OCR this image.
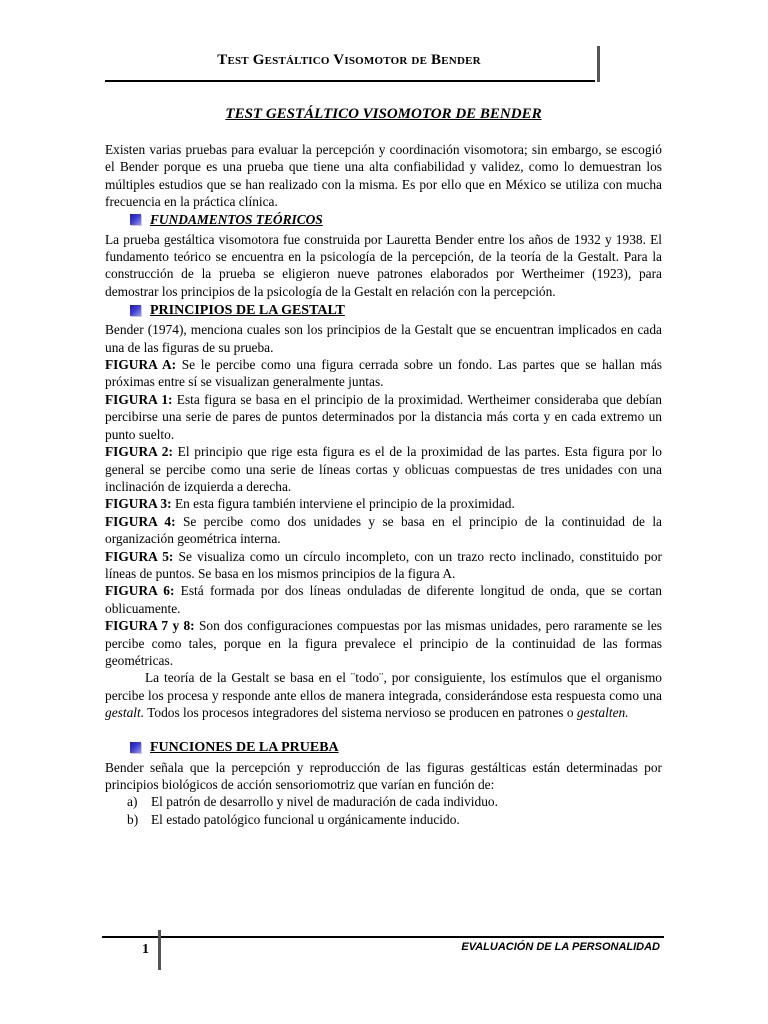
Test Gestáltico Visomotor de Bender
TEST GESTÁLTICO VISOMOTOR DE BENDER

Existen varias pruebas para evaluar la percepción y coordinación visomotora; sin embargo, se escogió el Bender porque es una prueba que tiene una alta confiabilidad y validez, como lo demuestran los múltiples estudios que se han realizado con la misma. Es por ello que en México se utiliza con mucha frecuencia en la práctica clínica.

FUNDAMENTOS TEÓRICOS

La prueba gestáltica visomotora fue construida por Lauretta Bender entre los años de 1932 y 1938. El fundamento teórico se encuentra en la psicología de la percepción, de la teoría de la Gestalt. Para la construcción de la prueba se eligieron nueve patrones elaborados por Wertheimer (1923), para demostrar los principios de la psicología de la Gestalt en relación con la percepción.

PRINCIPIOS DE LA GESTALT

Bender (1974), menciona cuales son los principios de la Gestalt que se encuentran implicados en cada una de las figuras de su prueba.

FIGURA A: Se le percibe como una figura cerrada sobre un fondo. Las partes que se hallan más próximas entre sí se visualizan generalmente juntas.

FIGURA 1: Esta figura se basa en el principio de la proximidad. Wertheimer consideraba que debían percibirse una serie de pares de puntos determinados por la distancia más corta y en cada extremo un punto suelto.

FIGURA 2: El principio que rige esta figura es el de la proximidad de las partes. Esta figura por lo general se percibe como una serie de líneas cortas y oblicuas compuestas de tres unidades con una inclinación de izquierda a derecha.

FIGURA 3: En esta figura también interviene el principio de la proximidad.

FIGURA 4: Se percibe como dos unidades y se basa en el principio de la continuidad de la organización geométrica interna.

FIGURA 5: Se visualiza como un círculo incompleto, con un trazo recto inclinado, constituido por líneas de puntos. Se basa en los mismos principios de la figura A.

FIGURA 6: Está formada por dos líneas onduladas de diferente longitud de onda, que se cortan oblicuamente.

FIGURA 7 y 8: Son dos configuraciones compuestas por las mismas unidades, pero raramente se les percibe como tales, porque en la figura prevalece el principio de la continuidad de las formas geométricas.

La teoría de la Gestalt se basa en el ¨todo¨, por consiguiente, los estímulos que el organismo percibe los procesa y responde ante ellos de manera integrada, considerándose esta respuesta como una gestalt. Todos los procesos integradores del sistema nervioso se producen en patrones o gestalten.

FUNCIONES DE LA PRUEBA

Bender señala que la percepción y reproducción de las figuras gestálticas están determinadas por principios biológicos de acción sensoriomotriz que varían en función de:

a)	El patrón de desarrollo y nivel de maduración de cada individuo.
b) El estado patológico funcional u orgánicamente inducido.
1	EVALUACIÓN DE LA PERSONALIDAD
